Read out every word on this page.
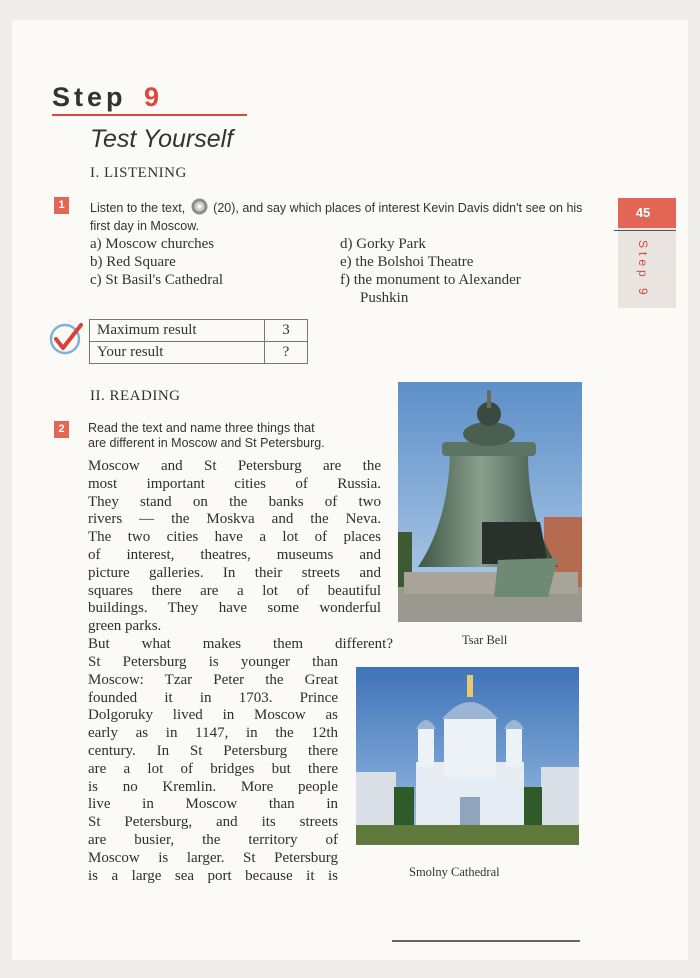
Step 9
Test Yourself
45
Step 9
I. LISTENING
1	Listen to the text, (20), and say which places of interest Kevin Davis didn't see on his first day in Moscow.
a) Moscow churches
b) Red Square
c) St Basil's Cathedral
d) Gorky Park
e) the Bolshoi Theatre
f) the monument to Alexander
Pushkin
Maximum result	3
Your result	?
II. READING
2	Read the text and name three things that
are different in Moscow and St Petersburg.
Moscow and St Petersburg are the
most important cities of Russia.
They stand on the banks of two
rivers — the Moskva and the Neva.
The two cities have a lot of places
of interest, theatres, museums and
picture galleries. In their streets and
squares there are a lot of beautiful
buildings. They have some wonderful
green parks.
But what makes them different?
St Petersburg is younger than
Moscow: Tzar Peter the Great
founded it in 1703. Prince
Dolgoruky lived in Moscow as
early as in 1147, in the 12th
century. In St Petersburg there
are a lot of bridges but there
is no Kremlin. More people
live in Moscow than in
St Petersburg, and its streets
are busier, the territory of
Moscow is larger. St Petersburg
is a large sea port because it is
Tsar Bell
Smolny Cathedral
